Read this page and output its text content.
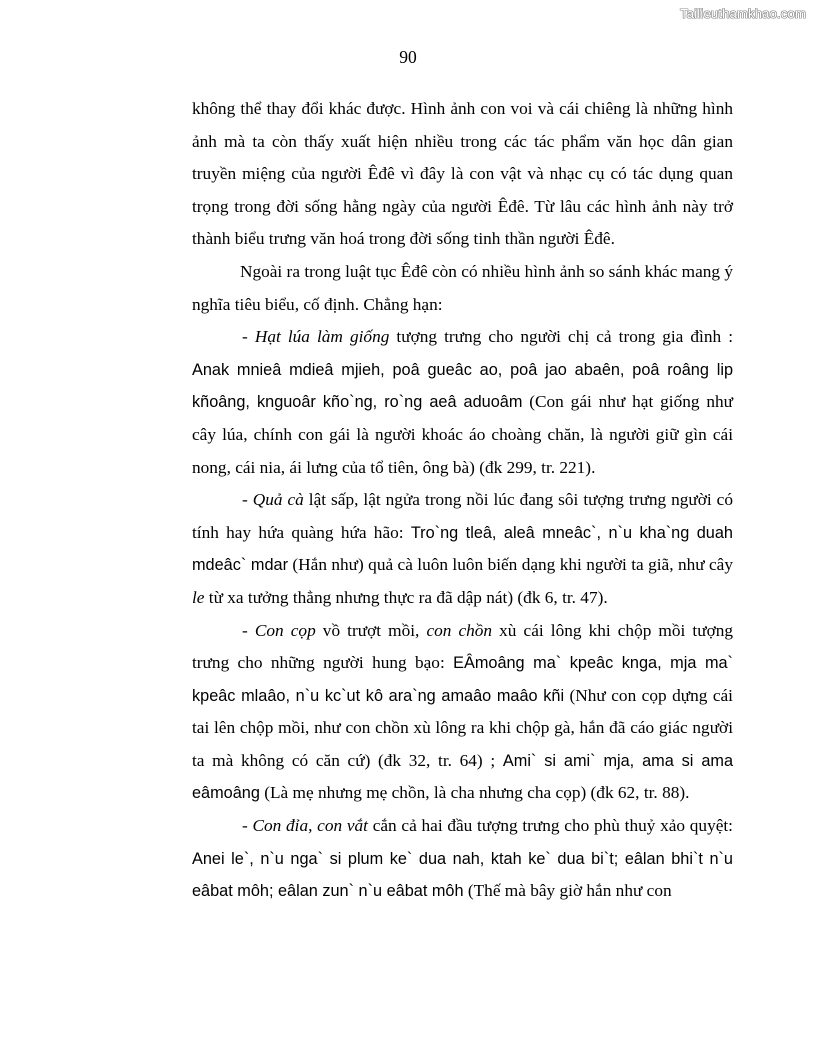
Tailieuthamkhao.com
90

không thể thay đổi khác được. Hình ảnh con voi và cái chiêng là những hình ảnh mà ta còn thấy xuất hiện nhiều trong các tác phẩm văn học dân gian truyền miệng của người Êđê vì đây là con vật và nhạc cụ có tác dụng quan trọng trong đời sống hằng ngày của người Êđê. Từ lâu các hình ảnh này trở thành biểu trưng văn hoá trong đời sống tinh thần người Êđê.

Ngoài ra trong luật tục Êđê còn có nhiều hình ảnh so sánh khác mang ý nghĩa tiêu biểu, cố định. Chẳng hạn:

- Hạt lúa làm giống tượng trưng cho người chị cả trong gia đình : Anak mnieâ mdieâ mjieh, poâ gueâc ao, poâ jao abaên, poâ roâng lip kñoâng, knguoâr kño`ng, ro`ng aeâ aduoâm (Con gái như hạt giống như cây lúa, chính con gái là người khoác áo choàng chăn, là người giữ gìn cái nong, cái nia, ái lưng của tổ tiên, ông bà) (đk 299, tr. 221).

- Quả cà lật sấp, lật ngửa trong nồi lúc đang sôi tượng trưng người có tính hay hứa quàng hứa hão: Tro`ng tleâ, aleâ mneâc`, n`u kha`ng duah mdeâc` mdar (Hắn như) quả cà luôn luôn biến dạng khi người ta giã, như cây le từ xa tưởng thẳng nhưng thực ra đã dập nát) (đk 6, tr. 47).

- Con cọp vồ trượt mồi, con chồn xù cái lông khi chộp mồi tượng trưng cho những người hung bạo: EÂmoâng ma` kpeâc knga, mja ma` kpeâc mlaâo, n`u kc`ut kô ara`ng amaâo maâo kñi (Như con cọp dựng cái tai lên chộp mồi, như con chồn xù lông ra khi chộp gà, hắn đã cáo giác người ta mà không có căn cứ) (đk 32, tr. 64) ; Ami` si ami` mja, ama si ama eâmoâng (Là mẹ nhưng mẹ chồn, là cha nhưng cha cọp) (đk 62, tr. 88).

- Con đỉa, con vắt cắn cả hai đầu tượng trưng cho phù thuỷ xảo quyệt: Anei le`, n`u nga` si plum ke` dua nah, ktah ke` dua bi`t; eâlan bhi`t n`u eâbat môh; eâlan zun` n`u eâbat môh (Thế mà bây giờ hắn như con
